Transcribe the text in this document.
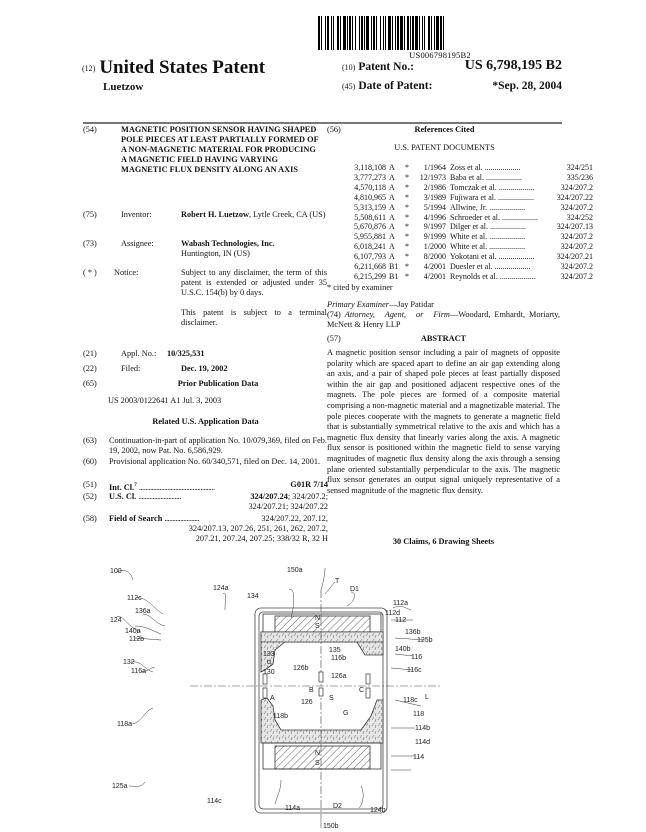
US006798195B2
(12) United States Patent
Luetzow
(10) Patent No.:	US 6,798,195 B2
(45) Date of Patent:	*Sep. 28, 2004
(54)	MAGNETIC POSITION SENSOR HAVING SHAPED POLE PIECES AT LEAST PARTIALLY FORMED OF A NON-MAGNETIC MATERIAL FOR PRODUCING A MAGNETIC FIELD HAVING VARYING MAGNETIC FLUX DENSITY ALONG AN AXIS
(75)	Inventor:	Robert H. Luetzow, Lytle Creek, CA (US)
(73)	Assignee:	Wabash Technologies, Inc.
Huntington, IN (US)
( * ) Notice:	Subject to any disclaimer, the term of this patent is extended or adjusted under 35 U.S.C. 154(b) by 0 days.
This patent is subject to a terminal disclaimer.
(21)	Appl. No.: 10/325,531
(22)	Filed:	Dec. 19, 2002
(65)	Prior Publication Data
US 2003/0122641 A1 Jul. 3, 2003
Related U.S. Application Data
(63) Continuation-in-part of application No. 10/079,369, filed on Feb. 19, 2002, now Pat. No. 6,586,929.
(60) Provisional application No. 60/340,571, filed on Dec. 14, 2001.
(51) Int. Cl.$^7$ ................................................	G01R 7/14
(52) U.S. Cl. ...........................	324/207.24; 324/207.2;
324/207.21; 324/207.22
(58) Field of Search ......................	324/207.22, 207.12,
324/207.13, 207.26, 251, 261, 262, 207.2,
207.21, 207.24, 207.25; 338/32 R, 32 H
(56)	References Cited
U.S. PATENT DOCUMENTS
3,118,108	A	*	1/1964	Zoss et al. ..................	324/251
3,777,273	A	*	12/1973	Baba et al. ..................	335/236
4,570,118	A	*	2/1986	Tomczak et al. ..................	324/207.2
4,810,965	A	*	3/1989	Fujiwara et al. ..................	324/207.22
5,313,159	A	*	5/1994	Allwine, Jr. ..................	324/207.2
5,508,611	A	*	4/1996	Schroeder et al. ..................	324/252
5,670,876	A	*	9/1997	Dilger et al. ..................	324/207.13
5,955,881	A	*	9/1999	White et al. ..................	324/207.2
6,018,241	A	*	1/2000	White et al. ..................	324/207.2
6,107,793	A	*	8/2000	Yokotani et al. ..................	324/207.21
6,211,668	B1	*	4/2001	Duesler et al. ..................	324/207.2
6,215,299	B1	*	4/2001	Reynolds et al. ..................	324/207.2
* cited by examiner
Primary Examiner—Jay Patidar
(74) Attorney, Agent, or Firm—Woodard, Emhardt, Moriarty, McNett & Henry LLP
(57)	ABSTRACT
A magnetic position sensor including a pair of magnets of opposite polarity which are spaced apart to define an air gap extending along an axis, and a pair of shaped pole pieces at least partially disposed within the air gap and positioned adjacent respective ones of the magnets. The pole pieces are formed of a composite material comprising a non-magnetic material and a magnetizable material. The pole pieces cooperate with the magnets to generate a magnetic field that is substantially symmetrical relative to the axis and which has a magnetic flux density that linearly varies along the axis. A magnetic flux sensor is positioned within the magnetic field to sense varying magnitudes of magnetic flux density along the axis through a sensing plane oriented substantially perpendicular to the axis. The magnetic flux sensor generates an output signal uniquely representative of a sensed magnitude of the magnetic flux density.
30 Claims, 6 Drawing Sheets
100	150a
T
124a
134
D1
112c
112a
112d
136a
112
124
136b
140a
125b
112b
140b
135
133	116
116b
132
116a	130	116c
α
126b
126a
A
B
S
C
L
126
G
118a
118c
118b	118
114b
114d
125a
114
114c
114a	D2
124b
150b
S
N
N
S
